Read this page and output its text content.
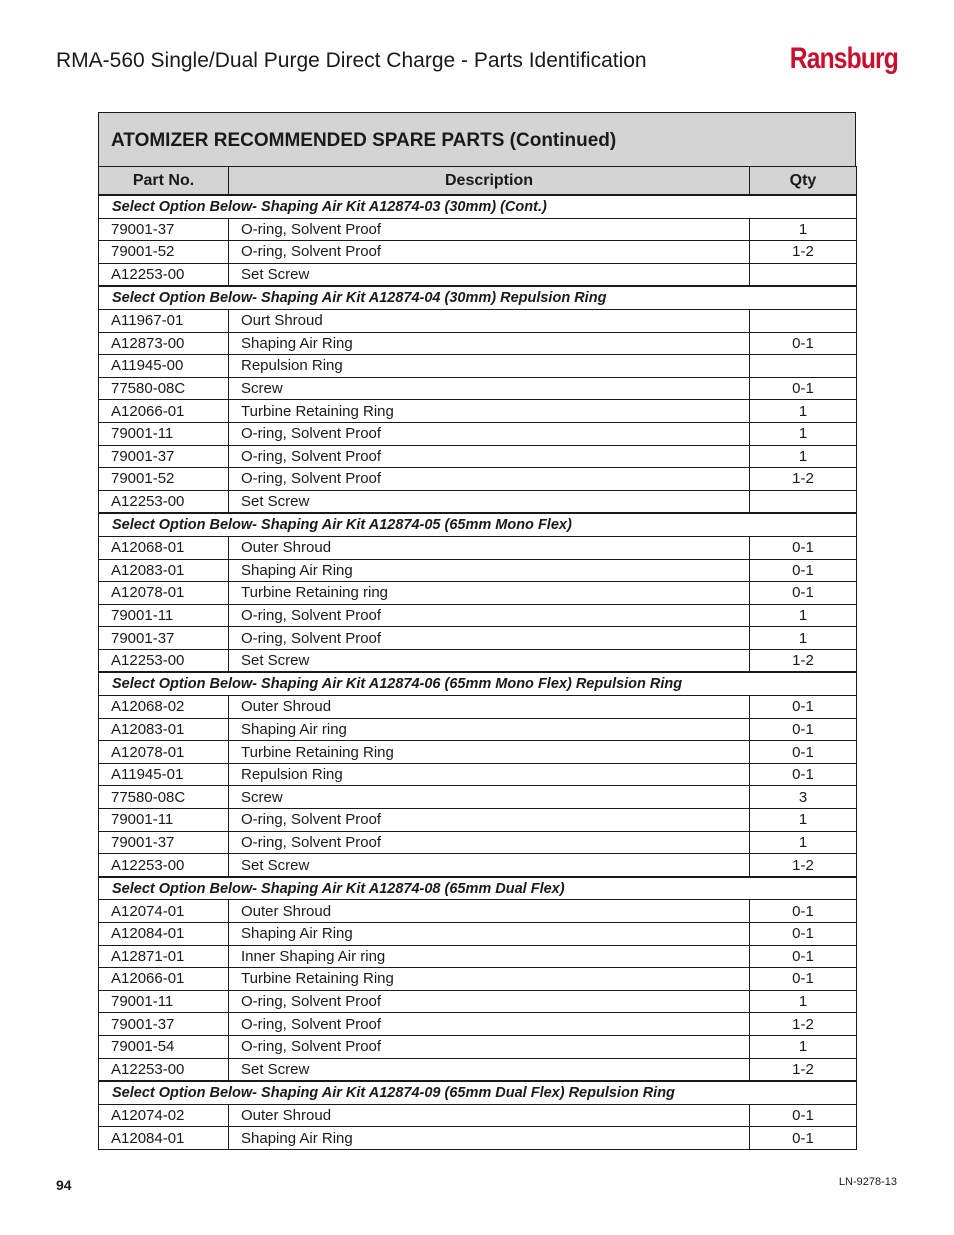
RMA-560 Single/Dual Purge Direct Charge - Parts Identification	Ransburg
ATOMIZER RECOMMENDED SPARE PARTS (Continued)
Part No.	Description	Qty
Select Option Below- Shaping Air Kit A12874-03 (30mm) (Cont.)		
79001-37	O-ring, Solvent Proof	1
79001-52	O-ring, Solvent Proof	1-2
A12253-00	Set Screw	
Select Option Below- Shaping Air Kit A12874-04 (30mm) Repulsion Ring		
A11967-01	Ourt Shroud	
A12873-00	Shaping Air Ring	0-1
A11945-00	Repulsion Ring	
77580-08C	Screw	0-1
A12066-01	Turbine Retaining Ring	1
79001-11	O-ring, Solvent Proof	1
79001-37	O-ring, Solvent Proof	1
79001-52	O-ring, Solvent Proof	1-2
A12253-00	Set Screw	
Select Option Below- Shaping Air Kit A12874-05 (65mm Mono Flex)		
A12068-01	Outer Shroud	0-1
A12083-01	Shaping Air Ring	0-1
A12078-01	Turbine Retaining ring	0-1
79001-11	O-ring, Solvent Proof	1
79001-37	O-ring, Solvent Proof	1
A12253-00	Set Screw	1-2
Select Option Below- Shaping Air Kit A12874-06 (65mm Mono Flex) Repulsion Ring		
A12068-02	Outer Shroud	0-1
A12083-01	Shaping Air ring	0-1
A12078-01	Turbine Retaining Ring	0-1
A11945-01	Repulsion Ring	0-1
77580-08C	Screw	3
79001-11	O-ring, Solvent Proof	1
79001-37	O-ring, Solvent Proof	1
A12253-00	Set Screw	1-2
Select Option Below- Shaping Air Kit A12874-08 (65mm Dual Flex)		
A12074-01	Outer Shroud	0-1
A12084-01	Shaping Air Ring	0-1
A12871-01	Inner Shaping Air ring	0-1
A12066-01	Turbine Retaining Ring	0-1
79001-11	O-ring, Solvent Proof	1
79001-37	O-ring, Solvent Proof	1-2
79001-54	O-ring, Solvent Proof	1
A12253-00	Set Screw	1-2
Select Option Below- Shaping Air Kit A12874-09 (65mm Dual Flex) Repulsion Ring		
A12074-02	Outer Shroud	0-1
A12084-01	Shaping Air Ring	0-1
94	LN-9278-13
